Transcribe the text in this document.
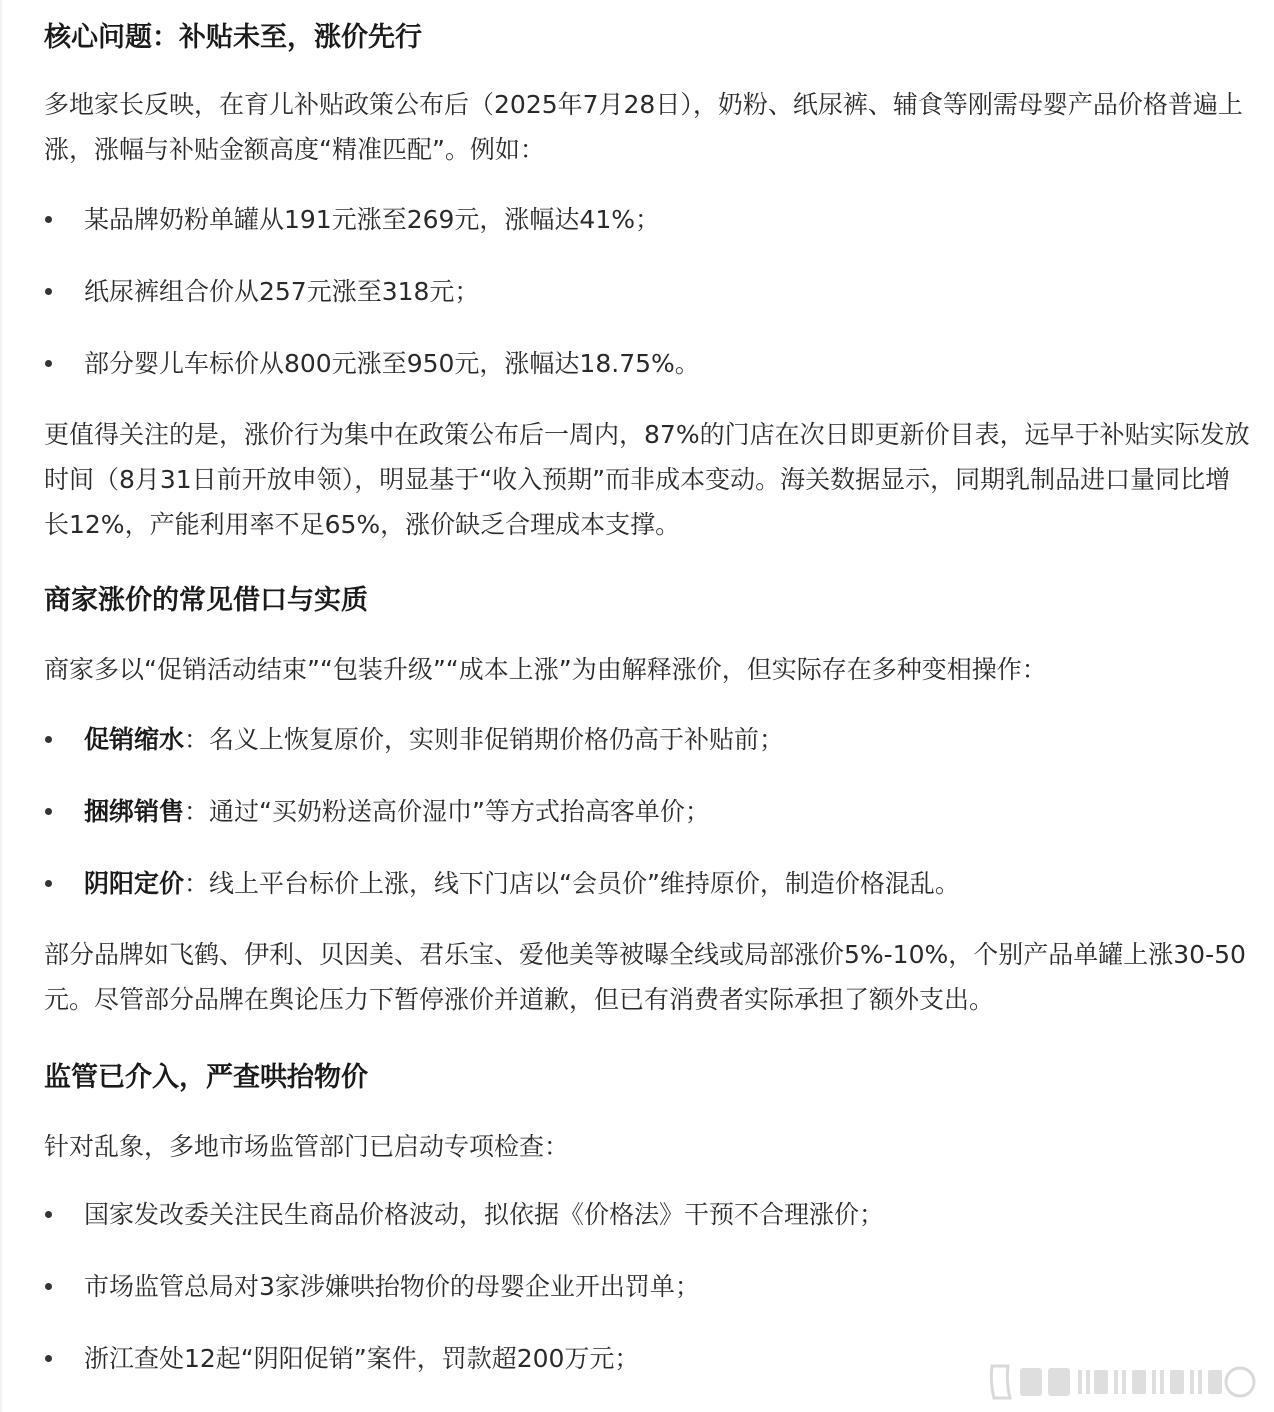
核心问题：补贴未至，涨价先行

多地家长反映，在育儿补贴政策公布后（2025年7月28日），奶粉、纸尿裤、辅食等刚需母婴产品价格普遍上涨，涨幅与补贴金额高度“精准匹配”。例如：

某品牌奶粉单罐从191元涨至269元，涨幅达41%；
纸尿裤组合价从257元涨至318元；
部分婴儿车标价从800元涨至950元，涨幅达18.75%。

更值得关注的是，涨价行为集中在政策公布后一周内，87%的门店在次日即更新价目表，远早于补贴实际发放时间（8月31日前开放申领），明显基于“收入预期”而非成本变动。海关数据显示，同期乳制品进口量同比增长12%，产能利用率不足65%，涨价缺乏合理成本支撑。

商家涨价的常见借口与实质

商家多以“促销活动结束”“包装升级”“成本上涨”为由解释涨价，但实际存在多种变相操作：

促销缩水：名义上恢复原价，实则非促销期价格仍高于补贴前；
捆绑销售：通过“买奶粉送高价湿巾”等方式抬高客单价；
阴阳定价：线上平台标价上涨，线下门店以“会员价”维持原价，制造价格混乱。

部分品牌如飞鹤、伊利、贝因美、君乐宝、爱他美等被曝全线或局部涨价5%-10%，个别产品单罐上涨30-50元。尽管部分品牌在舆论压力下暂停涨价并道歉，但已有消费者实际承担了额外支出。

监管已介入，严查哄抬物价

针对乱象，多地市场监管部门已启动专项检查：

国家发改委关注民生商品价格波动，拟依据《价格法》干预不合理涨价；
市场监管总局对3家涉嫌哄抬物价的母婴企业开出罚单；
浙江查处12起“阴阳促销”案件，罚款超200万元；
